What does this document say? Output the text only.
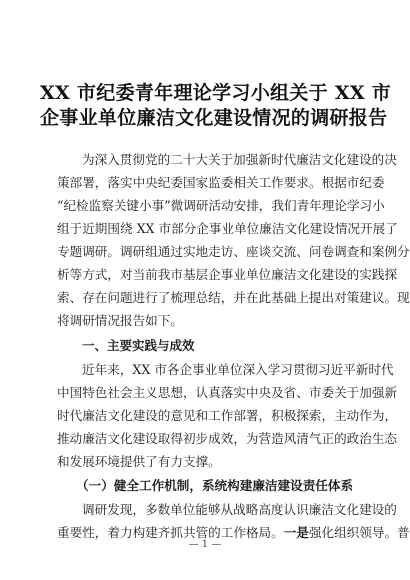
XX 市纪委青年理论学习小组关于 XX 市
企事业单位廉洁文化建设情况的调研报告
为深入贯彻党的二十大关于加强新时代廉洁文化建设的决
策部署，落实中央纪委国家监委相关工作要求。根据市纪委
“纪检监察关键小事”微调研活动安排，我们青年理论学习小
组于近期围绕 XX 市部分企事业单位廉洁文化建设情况开展了
专题调研。调研组通过实地走访、座谈交流、问卷调查和案例分
析等方式，对当前我市基层企事业单位廉洁文化建设的实践探
索、存在问题进行了梳理总结，并在此基础上提出对策建议。现
将调研情况报告如下。
一、主要实践与成效
近年来，XX 市各企事业单位深入学习贯彻习近平新时代
中国特色社会主义思想，认真落实中央及省、市委关于加强新
时代廉洁文化建设的意见和工作部署，积极探索，主动作为，
推动廉洁文化建设取得初步成效，为营造风清气正的政治生态
和发展环境提供了有力支撑。
（一）健全工作机制，系统构建廉洁建设责任体系
调研发现，多数单位能够从战略高度认识廉洁文化建设的
重要性，着力构建齐抓共管的工作格局。一是强化组织领导。普
— 1 —
